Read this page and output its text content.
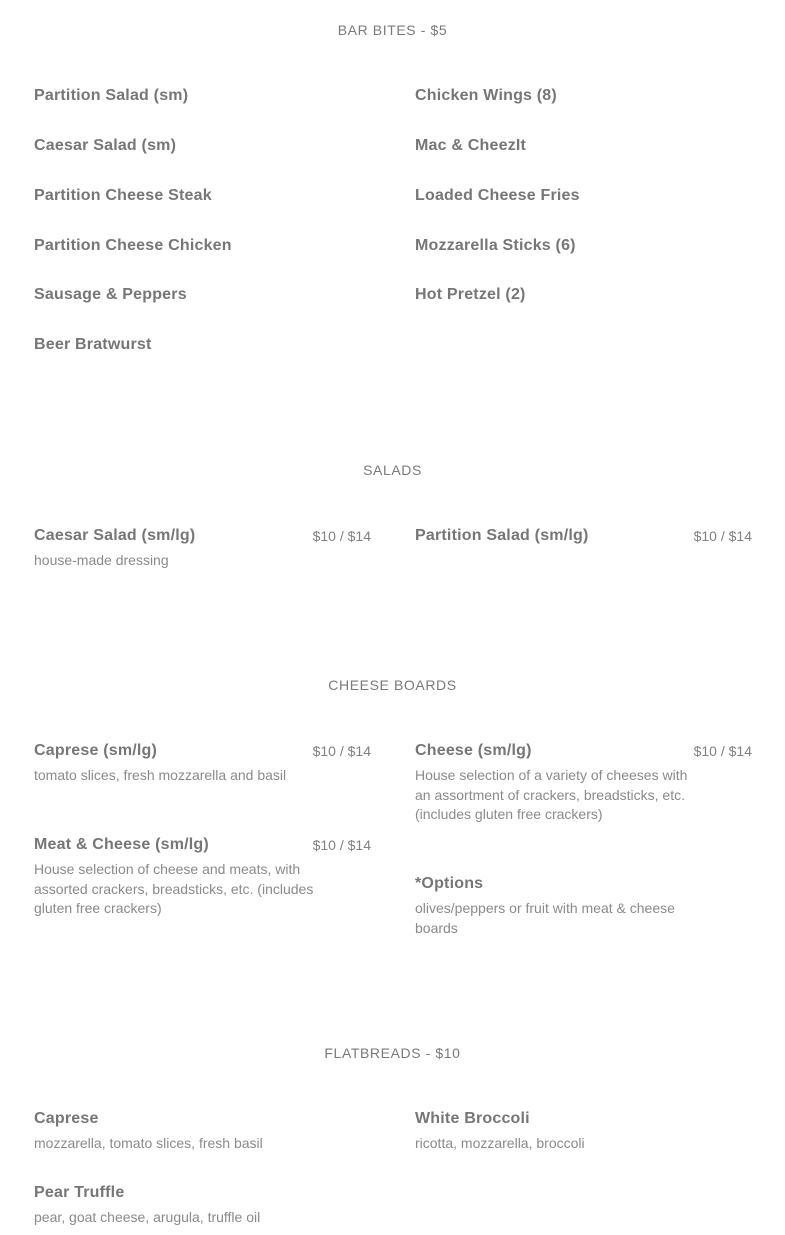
BAR BITES - $5
Partition Salad (sm)
Caesar Salad (sm)
Partition Cheese Steak
Partition Cheese Chicken
Sausage & Peppers
Beer Bratwurst
Chicken Wings (8)
Mac & CheezIt
Loaded Cheese Fries
Mozzarella Sticks (6)
Hot Pretzel (2)
SALADS
Caesar Salad (sm/lg)	$10 / $14
house-made dressing
Partition Salad (sm/lg)	$10 / $14
CHEESE BOARDS
Caprese (sm/lg)	$10 / $14
tomato slices, fresh mozzarella and basil
Cheese (sm/lg)	$10 / $14
House selection of a variety of cheeses with an assortment of crackers, breadsticks, etc. (includes gluten free crackers)
Meat & Cheese (sm/lg)	$10 / $14
House selection of cheese and meats, with assorted crackers, breadsticks, etc. (includes gluten free crackers)
*Options
olives/peppers or fruit with meat & cheese boards
FLATBREADS - $10
Caprese
mozzarella, tomato slices, fresh basil
White Broccoli
ricotta, mozzarella, broccoli
Pear Truffle
pear, goat cheese, arugula, truffle oil
